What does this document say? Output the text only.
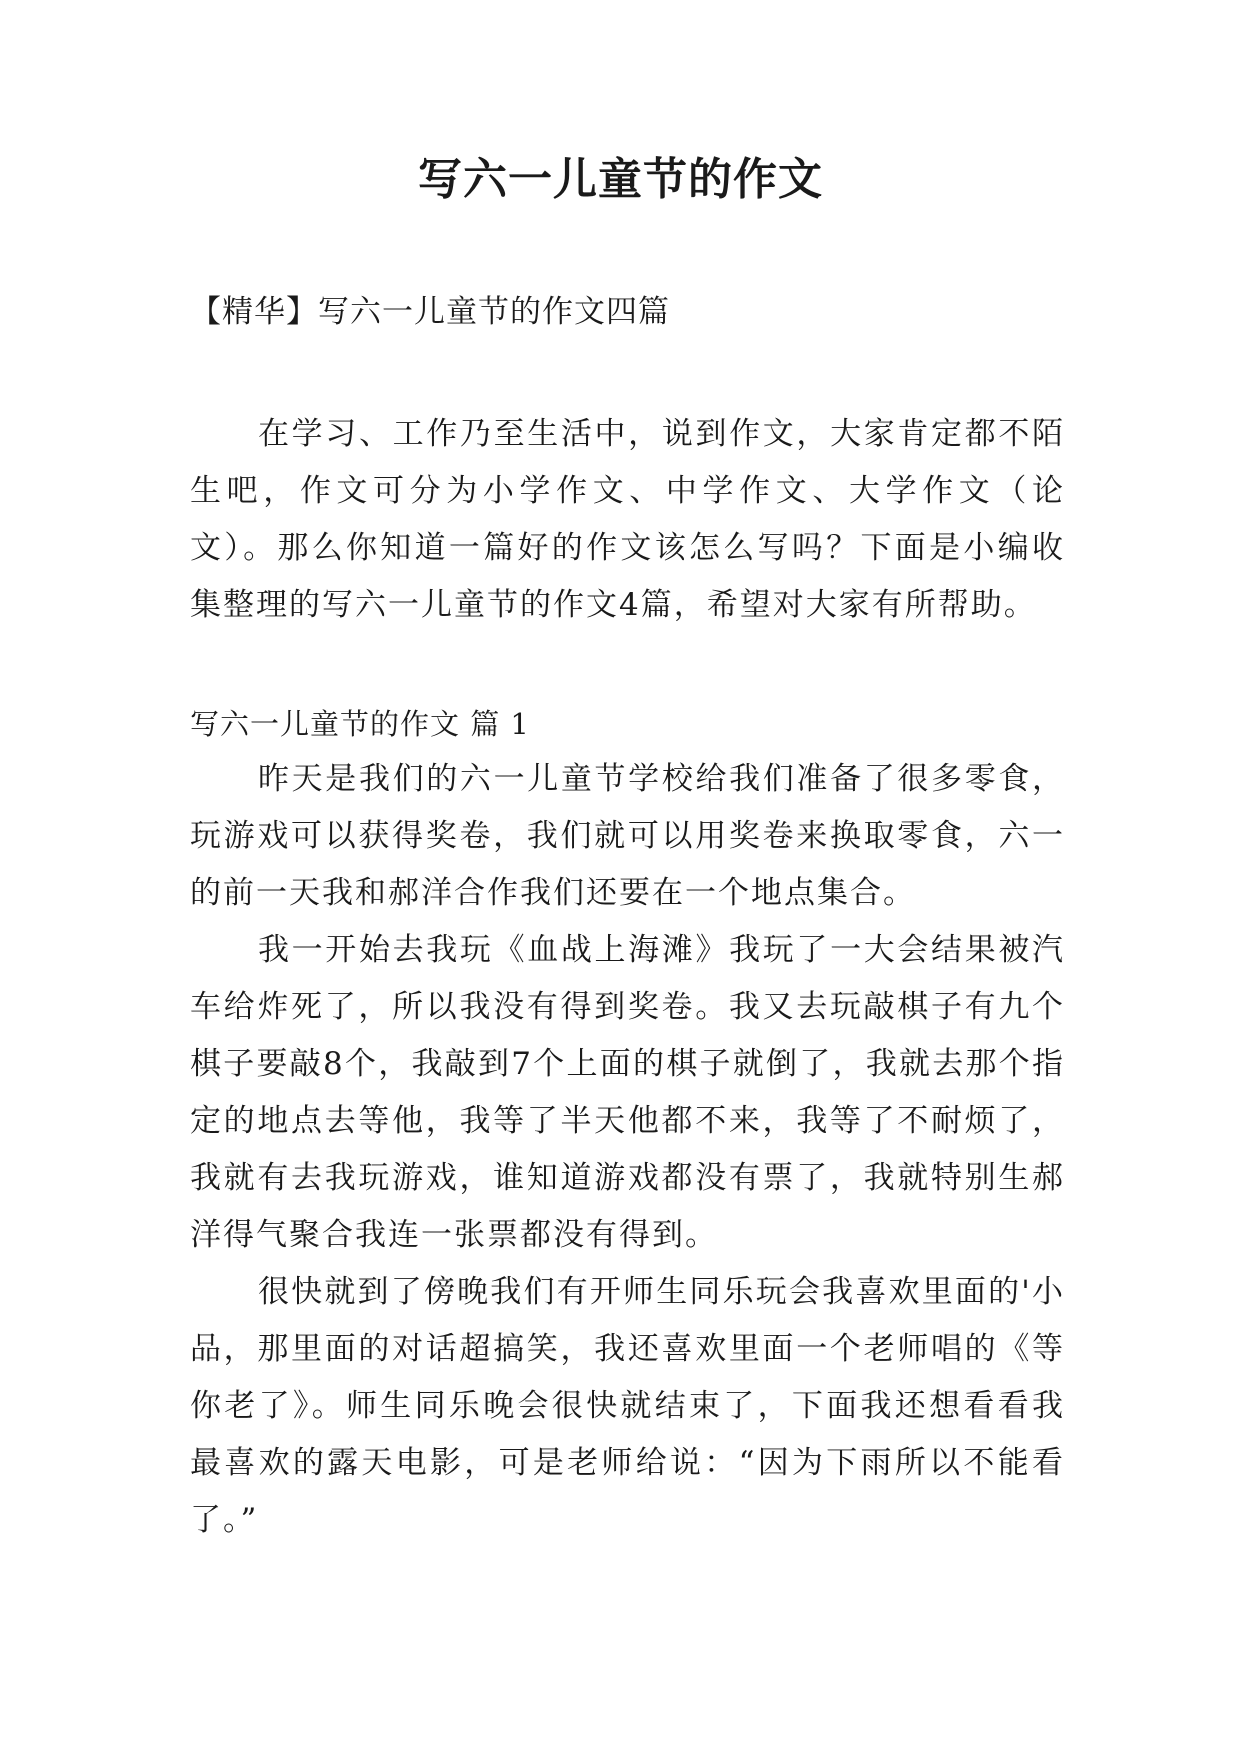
写六一儿童节的作文
【精华】写六一儿童节的作文四篇

在学习、工作乃至生活中，说到作文，大家肯定都不陌生吧，作文可分为小学作文、中学作文、大学作文（论文）。那么你知道一篇好的作文该怎么写吗？下面是小编收集整理的写六一儿童节的作文4篇，希望对大家有所帮助。

写六一儿童节的作文 篇 1

昨天是我们的六一儿童节学校给我们准备了很多零食，玩游戏可以获得奖卷，我们就可以用奖卷来换取零食，六一的前一天我和郝洋合作我们还要在一个地点集合。

我一开始去我玩《血战上海滩》我玩了一大会结果被汽车给炸死了，所以我没有得到奖卷。我又去玩敲棋子有九个棋子要敲8个，我敲到7个上面的棋子就倒了，我就去那个指定的地点去等他，我等了半天他都不来，我等了不耐烦了，我就有去我玩游戏，谁知道游戏都没有票了，我就特别生郝洋得气聚合我连一张票都没有得到。

很快就到了傍晚我们有开师生同乐玩会我喜欢里面的'小品，那里面的对话超搞笑，我还喜欢里面一个老师唱的《等你老了》。师生同乐晚会很快就结束了，下面我还想看看我最喜欢的露天电影，可是老师给说：“因为下雨所以不能看了。”
